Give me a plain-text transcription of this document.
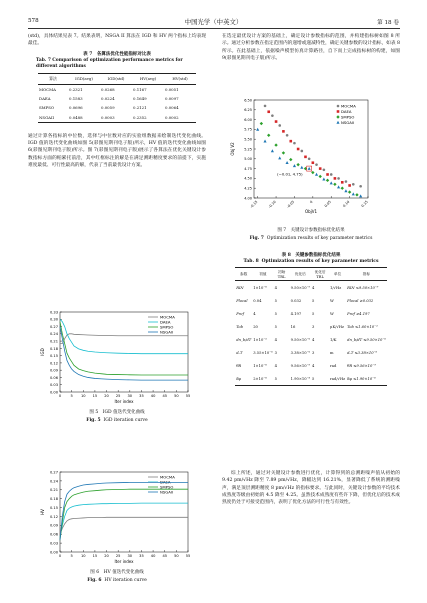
578	中国光学（中英文）	第 18 卷

(std)，具体结果见表 7。结果表明，NSGA II 算法在 IGD 和 HV 两个指标上均表现最佳。

表 7　各算法优化性能指标对比表
Tab. 7 Comparison of optimization performance metrics for different algorithms
算法	IGD(avg)	IGD(std)	HV(avg)	HV(std)
MOCMA	0.2321	0.0268	0.1167	0.0051
DAEA	0.1583	0.0224	0.1649	0.0097
SMPSO	0.0696	0.0059	0.2121	0.0064
NSGAII	0.0488	0.0003	0.2352	0.0002

通过计算各指标的中位数，选择与中位数对应的实验组数据来绘制迭代变化曲线。IGD 值的迭代变化曲线如图 5(彩图见期刊电子版)所示，HV 值的迭代变化曲线如图 6(彩图见期刊电子版)所示。图 7(彩图见期刊电子版)展示了各算法在优化关键设计参数指标方面的帕累托前沿，其中红框标注的解是在满足测距精度要求的前提下，实施难度最低、可行性最高的解，代表了当前最优设计方案。

0.00
0.03
0.06
0.09
0.12
0.15
0.18
0.21
0.24
0.27
0.30
0.33
0	5 10 15 20 25 30 35 40 45 50 55
Iter index
IGD
MOCMA
DAEA
SMPSO
NSGAII
图 5　IGD 值迭代变化曲线
Fig. 5 IGD iteration curve
0.00
0.03
0.06
0.09
0.12
0.15
0.18
0.21
0.24
0.27
0	5 10 15 20 25 30 35 40 45 50 55
Iter index
HV
MOCMA
DAEA
SMPSO
NSGAII
图 6　HV 值迭代变化曲线
Fig. 6 HV iteration curve

在选定最优设计方案的基础上，确定设计参数指标的范围，并构建指标树如图 8 所示。通过分析参数在指定范围内的递增或递减特性，确定关键参数的设计指标，如表 8 所示。在此基础上，依据噪声模型仿真计算路径，自下而上完成指标树的构建，如图 9(彩图见期刊电子版)所示。

4.00
4.25
4.50
4.75
5.00
5.25
5.50
5.75
6.00
6.25
6.50
-0.15	-0.10	-0.05	0	0.05	0.10	0.15
ObjV1
Obj V2
MOCMA
DAEA
SMPSO
NSGAII
(−0.01, 4.75)
图 7　关键设计参数指标优化结果
Fig. 7 Optimization results of key parameter metrics
表 8　关键参数指标优化结果
Tab. 8 Optimization results of key parameter metrics
参数	初值	初始TRL	优化后	优化后TRL	单位	指标
RIN	1×10⁻⁸	4	9.50×10⁻⁹	4	1/√Hz	RIN ≤9.50×10⁻⁹
Plocal	0.04	5	0.032	5	W	Plocal ≥0.032
Pref	4	5	4.197	5	W	Pref ≥4.197
Tob	20	5	16	3	μK/√Hz	Tob ≤1.60×10⁻⁵
dn_b/dT	1×10⁻⁵	4	9.50×10⁻⁶	4	1/K	dn_b/dT ≤9.50×10⁻⁶
dₑT	3.55×10⁻⁶	3	3.38×10⁻⁶	3	m	dₑT ≤3.38×10⁻⁶
θR	1×10⁻⁸	4	9.56×10⁻⁹	4	rad	θR ≤9.56×10⁻⁹
δφ	2×10⁻⁸	5	1.90×10⁻⁸	5	rad/√Hz	δφ ≤1.90×10⁻⁸

综上所述，通过对关键设计参数进行优化，计算得到的总测距噪声值从初始的 9.42 pm/√Hz 降至 7.89 pm/√Hz，降幅达到 16.21%，显著降低了系统的测距噪声，满足顶层测距精度 8 pm/√Hz 的指标要求。与此同时，关键设计参数的平均技术成熟度等级由初始的 4.5 降至 4.25。虽然技术成熟度有些许下降，但优化后的技术成熟度仍处于可接受范围内，表明了优化方法的可行性与有效性。
